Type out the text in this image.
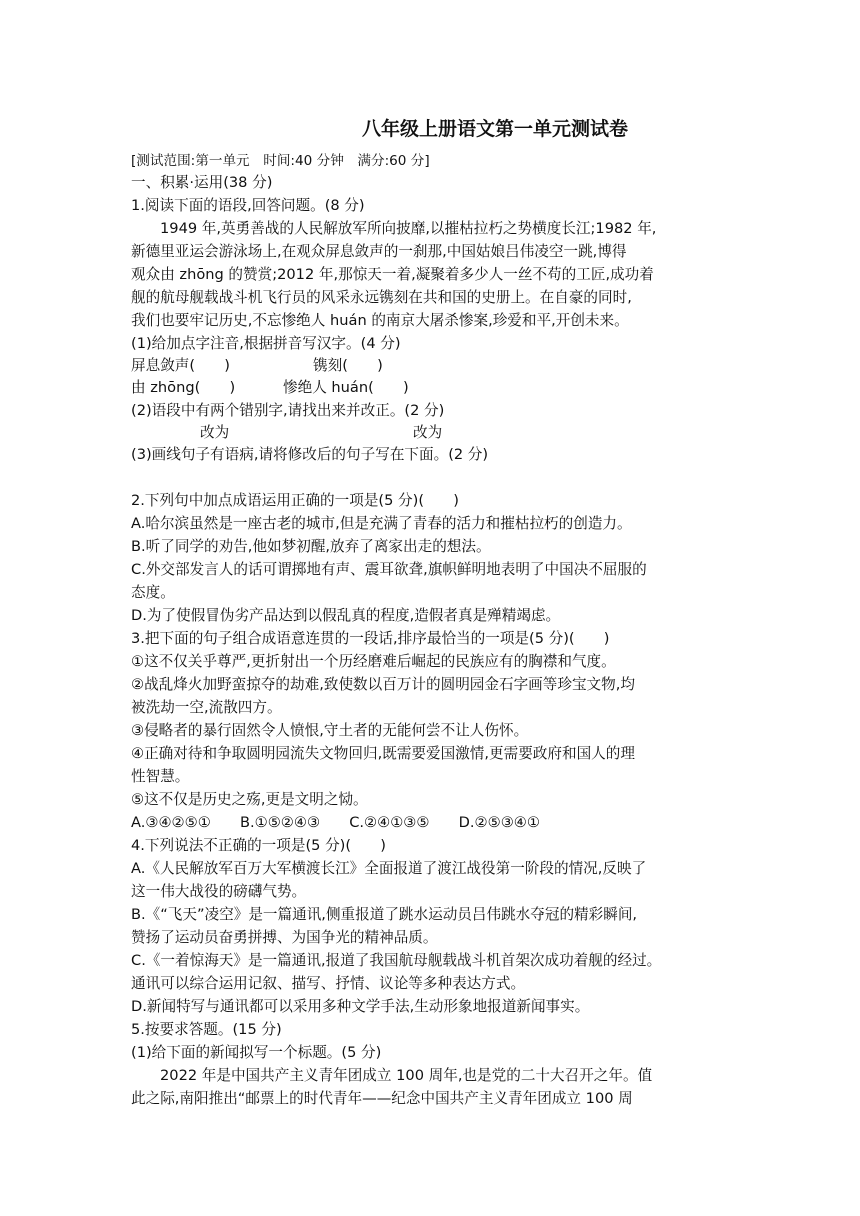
八年级上册语文第一单元测试卷
[测试范围:第一单元　时间:40 分钟　满分:60 分]
一、积累·运用(38 分)
1.阅读下面的语段,回答问题。(8 分)
1949 年,英勇善战的人民解放军所向披靡,以摧枯拉朽之势横度长江;1982 年,
新德里亚运会游泳场上,在观众屏息敛声的一刹那,中国姑娘吕伟凌空一跳,博得
观众由 zhōng 的赞赏;2012 年,那惊天一着,凝聚着多少人一丝不苟的工匠,成功着
舰的航母舰载战斗机飞行员的风采永远镌刻在共和国的史册上。在自豪的同时,
我们也要牢记历史,不忘惨绝人 huán 的南京大屠杀惨案,珍爱和平,开创未来。
(1)给加点字注音,根据拼音写汉字。(4 分)
屏息敛声(　　)	镌刻(　　)
由 zhōng(　　)	惨绝人 huán(　　)
(2)语段中有两个错别字,请找出来并改正。(2 分)
改为	改为
(3)画线句子有语病,请将修改后的句子写在下面。(2 分)
2.下列句中加点成语运用正确的一项是(5 分)(　　)
A.哈尔滨虽然是一座古老的城市,但是充满了青春的活力和摧枯拉朽的创造力。
B.听了同学的劝告,他如梦初醒,放弃了离家出走的想法。
C.外交部发言人的话可谓掷地有声、震耳欲聋,旗帜鲜明地表明了中国决不屈服的
态度。
D.为了使假冒伪劣产品达到以假乱真的程度,造假者真是殚精竭虑。
3.把下面的句子组合成语意连贯的一段话,排序最恰当的一项是(5 分)(　　)
①这不仅关乎尊严,更折射出一个历经磨难后崛起的民族应有的胸襟和气度。
②战乱烽火加野蛮掠夺的劫难,致使数以百万计的圆明园金石字画等珍宝文物,均
被洗劫一空,流散四方。
③侵略者的暴行固然令人愤恨,守土者的无能何尝不让人伤怀。
④正确对待和争取圆明园流失文物回归,既需要爱国激情,更需要政府和国人的理
性智慧。
⑤这不仅是历史之殇,更是文明之恸。
A.③④②⑤①　　B.①⑤②④③　　C.②④①③⑤　　D.②⑤③④①
4.下列说法不正确的一项是(5 分)(　　)
A.《人民解放军百万大军横渡长江》全面报道了渡江战役第一阶段的情况,反映了
这一伟大战役的磅礴气势。
B.《“飞天”凌空》是一篇通讯,侧重报道了跳水运动员吕伟跳水夺冠的精彩瞬间,
赞扬了运动员奋勇拼搏、为国争光的精神品质。
C.《一着惊海天》是一篇通讯,报道了我国航母舰载战斗机首架次成功着舰的经过。
通讯可以综合运用记叙、描写、抒情、议论等多种表达方式。
D.新闻特写与通讯都可以采用多种文学手法,生动形象地报道新闻事实。
5.按要求答题。(15 分)
(1)给下面的新闻拟写一个标题。(5 分)
2022 年是中国共产主义青年团成立 100 周年,也是党的二十大召开之年。值
此之际,南阳推出“邮票上的时代青年——纪念中国共产主义青年团成立 100 周
